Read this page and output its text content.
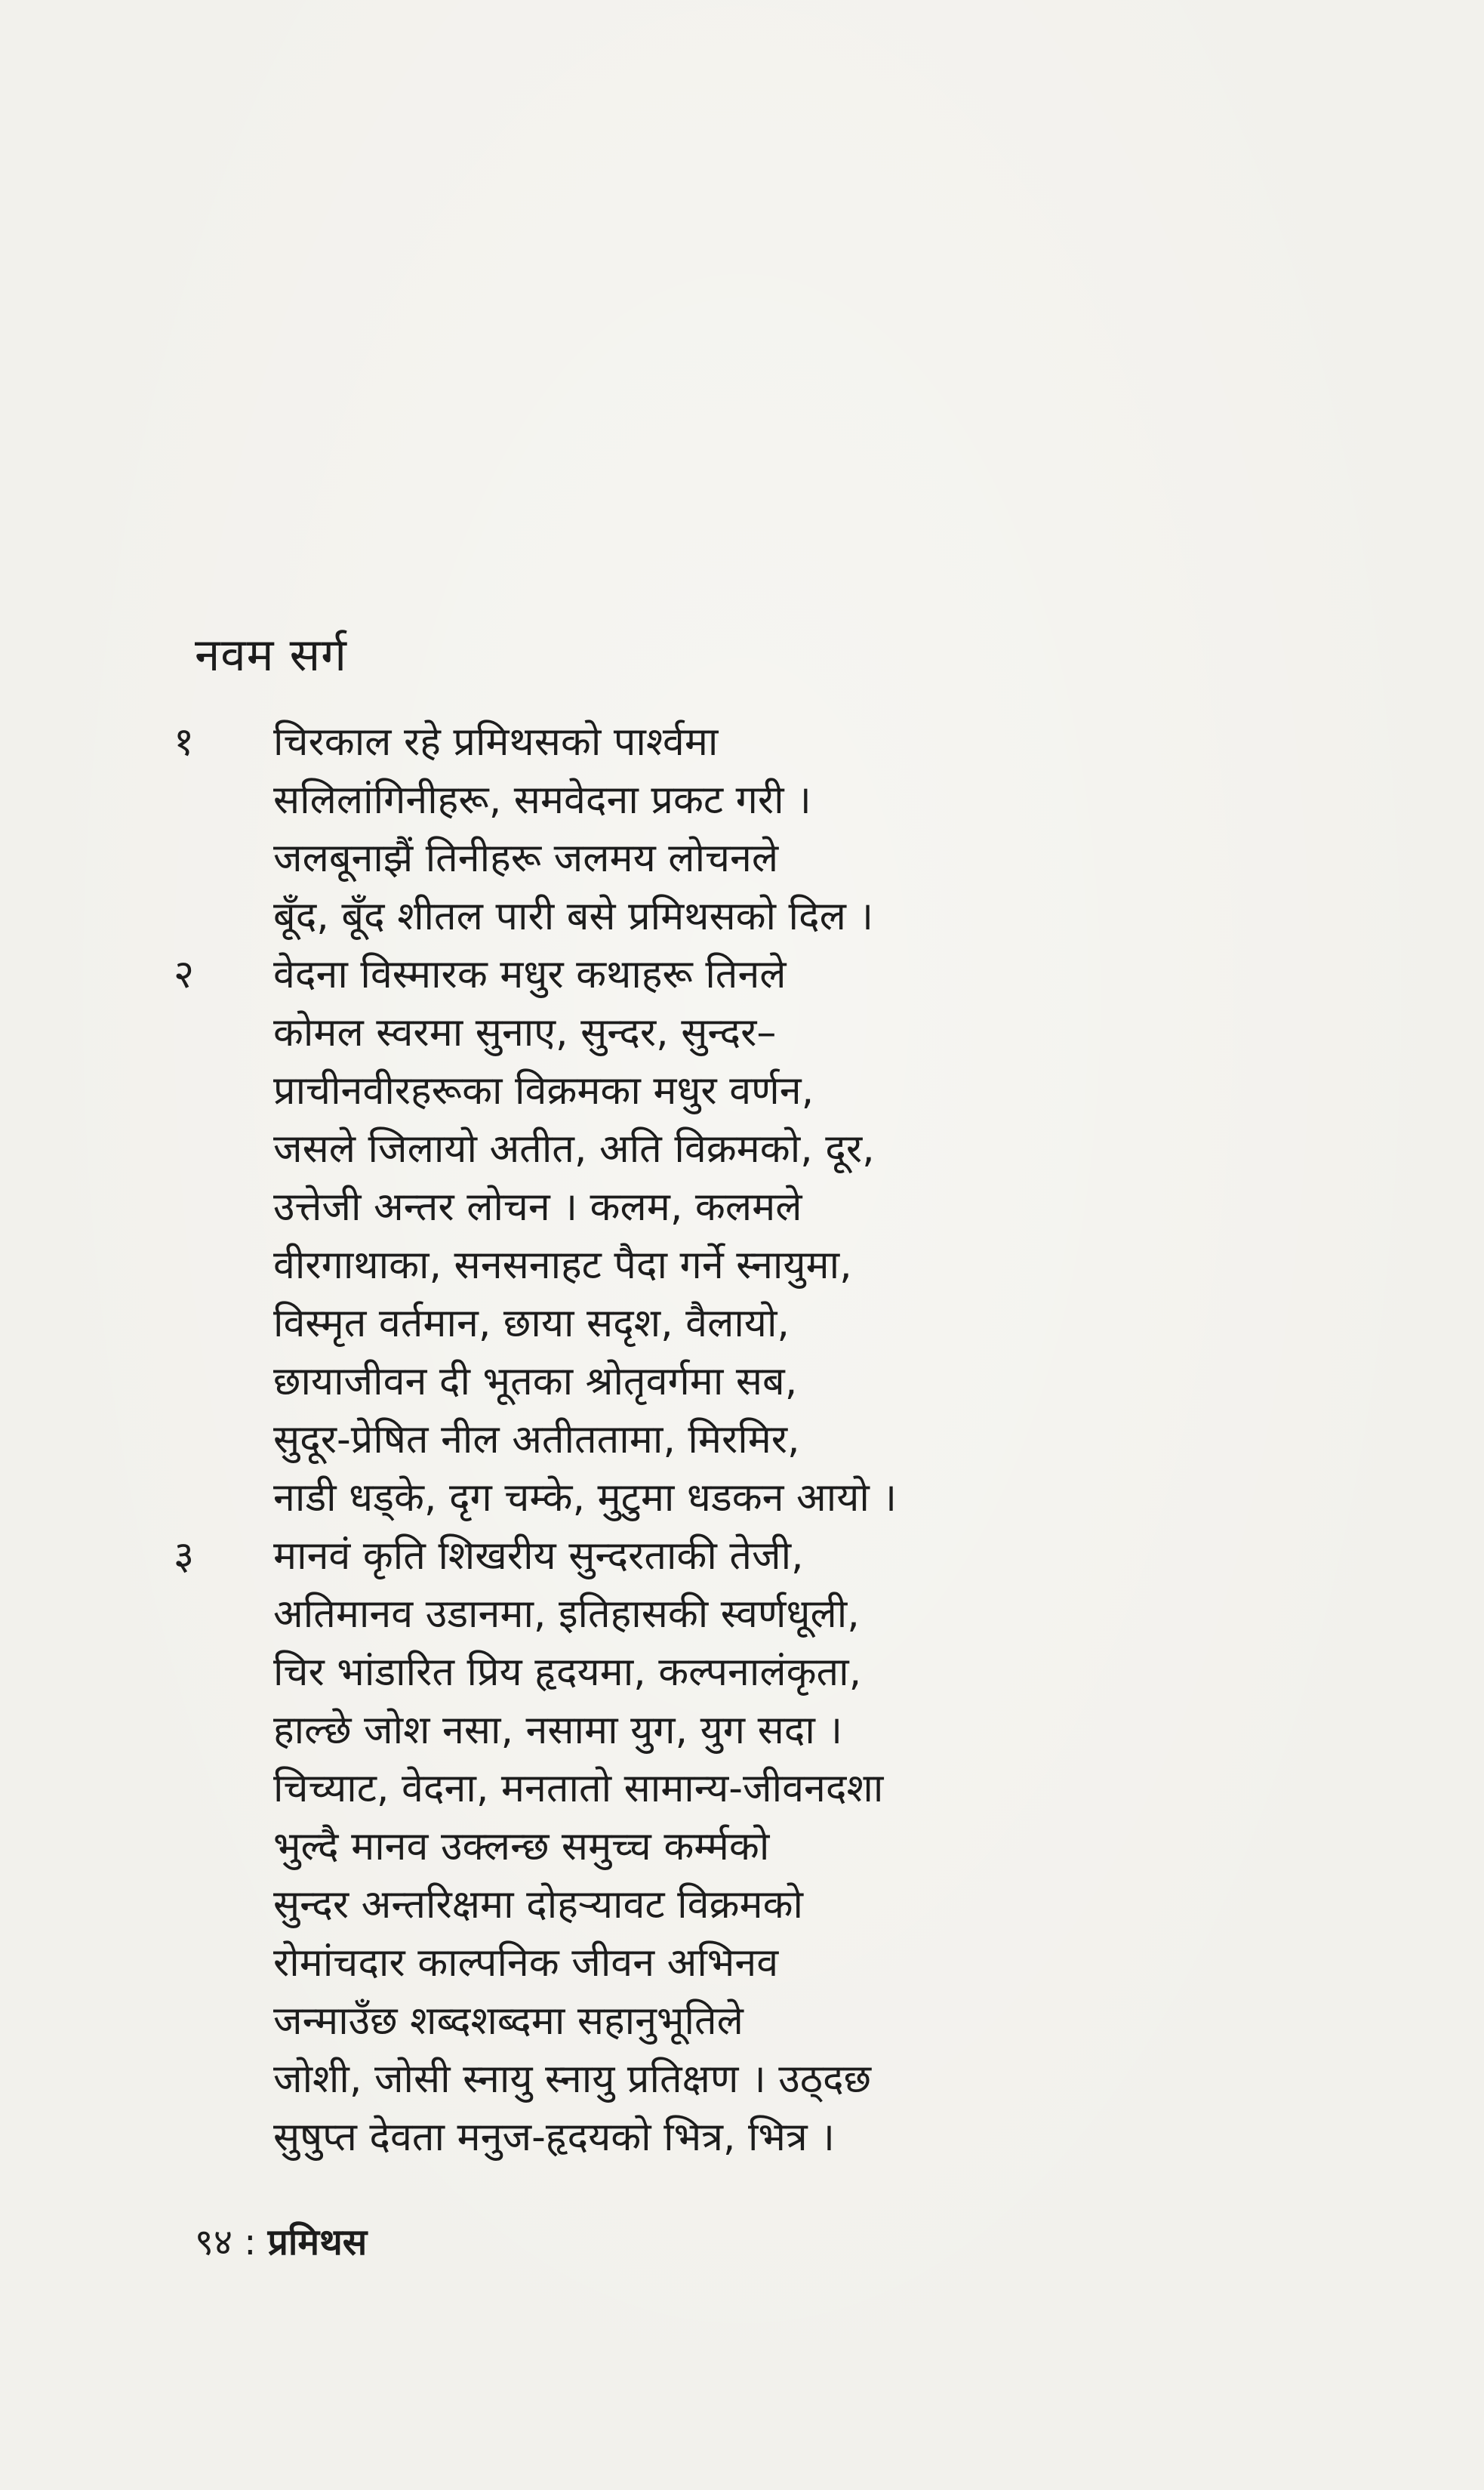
नवम सर्ग
१	चिरकाल रहे प्रमिथसको पार्श्वमा
सलिलांगिनीहरू, समवेदना प्रकट गरी ।
जलबूनाझैं तिनीहरू जलमय लोचनले
बूँद, बूँद शीतल पारी बसे प्रमिथसको दिल ।
२	वेदना विस्मारक मधुर कथाहरू तिनले
कोमल स्वरमा सुनाए, सुन्दर, सुन्दर–
प्राचीनवीरहरूका विक्रमका मधुर वर्णन,
जसले जिलायो अतीत, अति विक्रमको, दूर,
उत्तेजी अन्तर लोचन । कलम, कलमले
वीरगाथाका, सनसनाहट पैदा गर्ने स्नायुमा,
विस्मृत वर्तमान, छाया सदृश, वैलायो,
छायाजीवन दी भूतका श्रोतृवर्गमा सब,
सुदूर-प्रेषित नील अतीततामा, मिरमिर,
नाडी धड्के, दृग चम्के, मुटुमा धडकन आयो ।
३	मानवं कृति शिखरीय सुन्दरताकी तेजी,
अतिमानव उडानमा, इतिहासकी स्वर्णधूली,
चिर भांडारित प्रिय हृदयमा, कल्पनालंकृता,
हाल्छे जोश नसा, नसामा युग, युग सदा ।
चिच्याट, वेदना, मनतातो सामान्य-जीवनदशा
भुल्दै मानव उक्लन्छ समुच्च कर्म्मको
सुन्दर अन्तरिक्षमा दोहऱ्यावट विक्रमको
रोमांचदार काल्पनिक जीवन अभिनव
जन्माउँछ शब्दशब्दमा सहानुभूतिले
जोशी, जोसी स्नायु स्नायु प्रतिक्षण । उठ्दछ
सुषुप्त देवता मनुज-हृदयको भित्र, भित्र ।
९४ : प्रमिथस
